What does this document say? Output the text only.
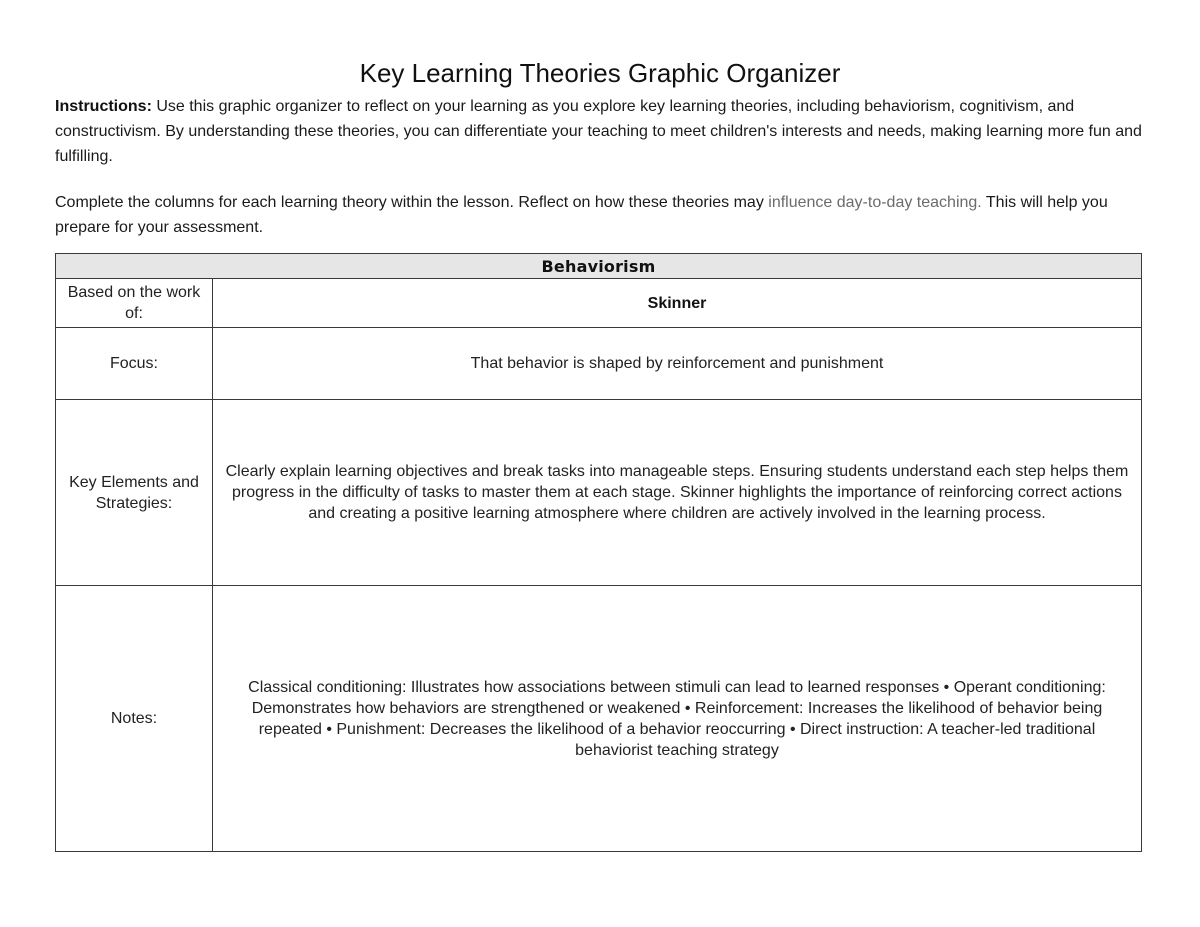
Key Learning Theories Graphic Organizer

Instructions: Use this graphic organizer to reflect on your learning as you explore key learning theories, including behaviorism, cognitivism, and constructivism. By understanding these theories, you can differentiate your teaching to meet children's interests and needs, making learning more fun and fulfilling.

Complete the columns for each learning theory within the lesson. Reflect on how these theories may influence day-to-day teaching. This will help you prepare for your assessment.

Behaviorism	
Based on the work of:	Skinner
Focus:	That behavior is shaped by reinforcement and punishment
Key Elements and Strategies:	Clearly explain learning objectives and break tasks into manageable steps. Ensuring students understand each step helps them progress in the difficulty of tasks to master them at each stage. Skinner highlights the importance of reinforcing correct actions and creating a positive learning atmosphere where children are actively involved in the learning process.
Notes:	Classical conditioning: Illustrates how associations between stimuli can lead to learned responses • Operant conditioning: Demonstrates how behaviors are strengthened or weakened • Reinforcement: Increases the likelihood of behavior being repeated • Punishment: Decreases the likelihood of a behavior reoccurring • Direct instruction: A teacher-led traditional behaviorist teaching strategy
